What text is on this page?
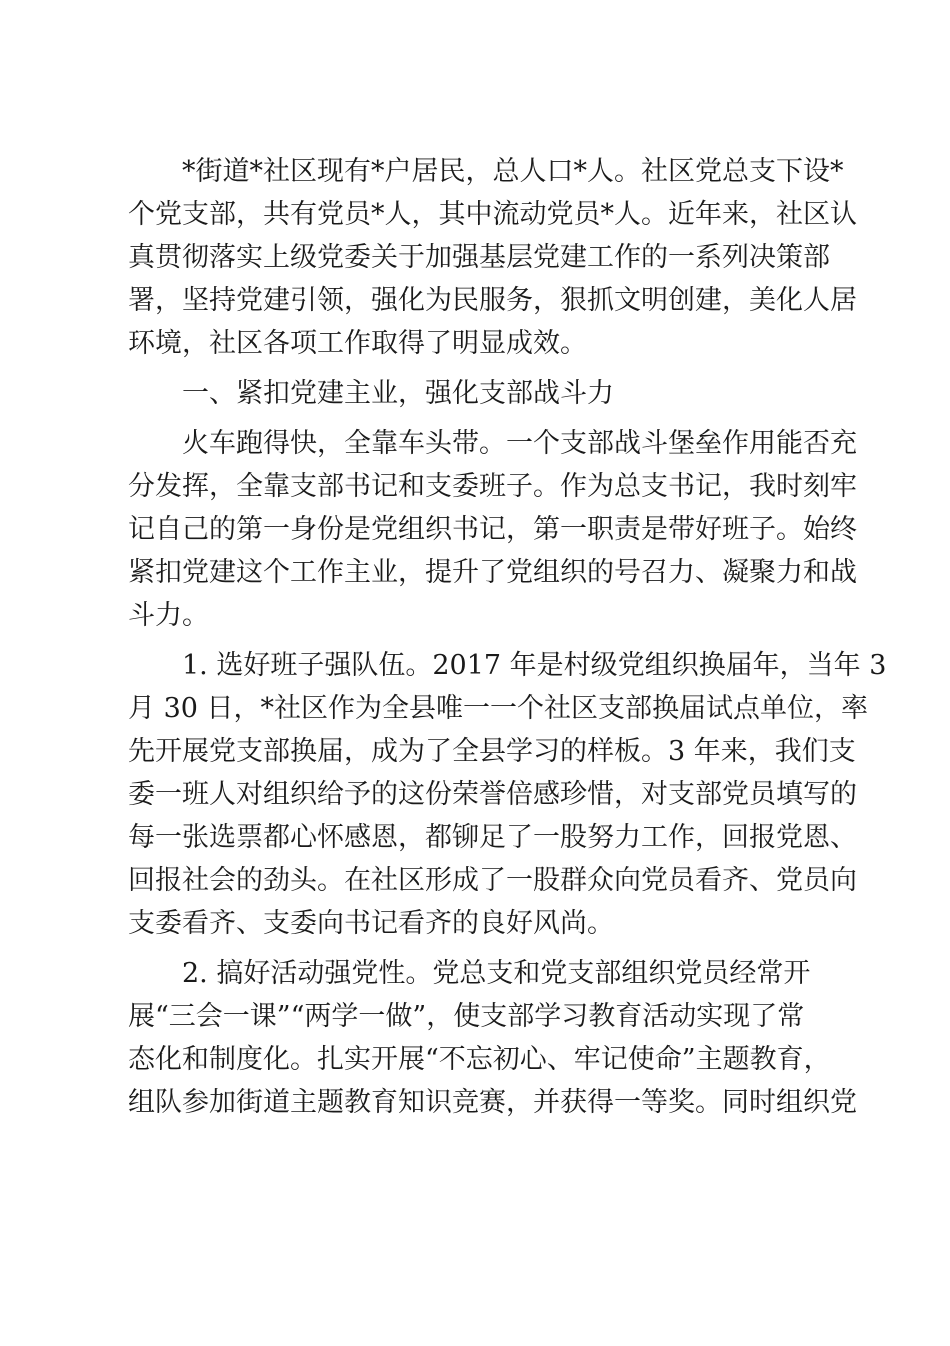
*街道*社区现有*户居民，总人口*人。社区党总支下设*

个党支部，共有党员*人，其中流动党员*人。近年来，社区认

真贯彻落实上级党委关于加强基层党建工作的一系列决策部

署，坚持党建引领，强化为民服务，狠抓文明创建，美化人居

环境，社区各项工作取得了明显成效。

一、紧扣党建主业，强化支部战斗力

火车跑得快，全靠车头带。一个支部战斗堡垒作用能否充

分发挥，全靠支部书记和支委班子。作为总支书记，我时刻牢

记自己的第一身份是党组织书记，第一职责是带好班子。始终

紧扣党建这个工作主业，提升了党组织的号召力、凝聚力和战

斗力。

1. 选好班子强队伍。2017 年是村级党组织换届年，当年 3

月 30 日，*社区作为全县唯一一个社区支部换届试点单位，率

先开展党支部换届，成为了全县学习的样板。3 年来，我们支

委一班人对组织给予的这份荣誉倍感珍惜，对支部党员填写的

每一张选票都心怀感恩，都铆足了一股努力工作，回报党恩、

回报社会的劲头。在社区形成了一股群众向党员看齐、党员向

支委看齐、支委向书记看齐的良好风尚。

2. 搞好活动强党性。党总支和党支部组织党员经常开

展“三会一课”“两学一做”，使支部学习教育活动实现了常

态化和制度化。扎实开展“不忘初心、牢记使命”主题教育，

组队参加街道主题教育知识竞赛，并获得一等奖。同时组织党
